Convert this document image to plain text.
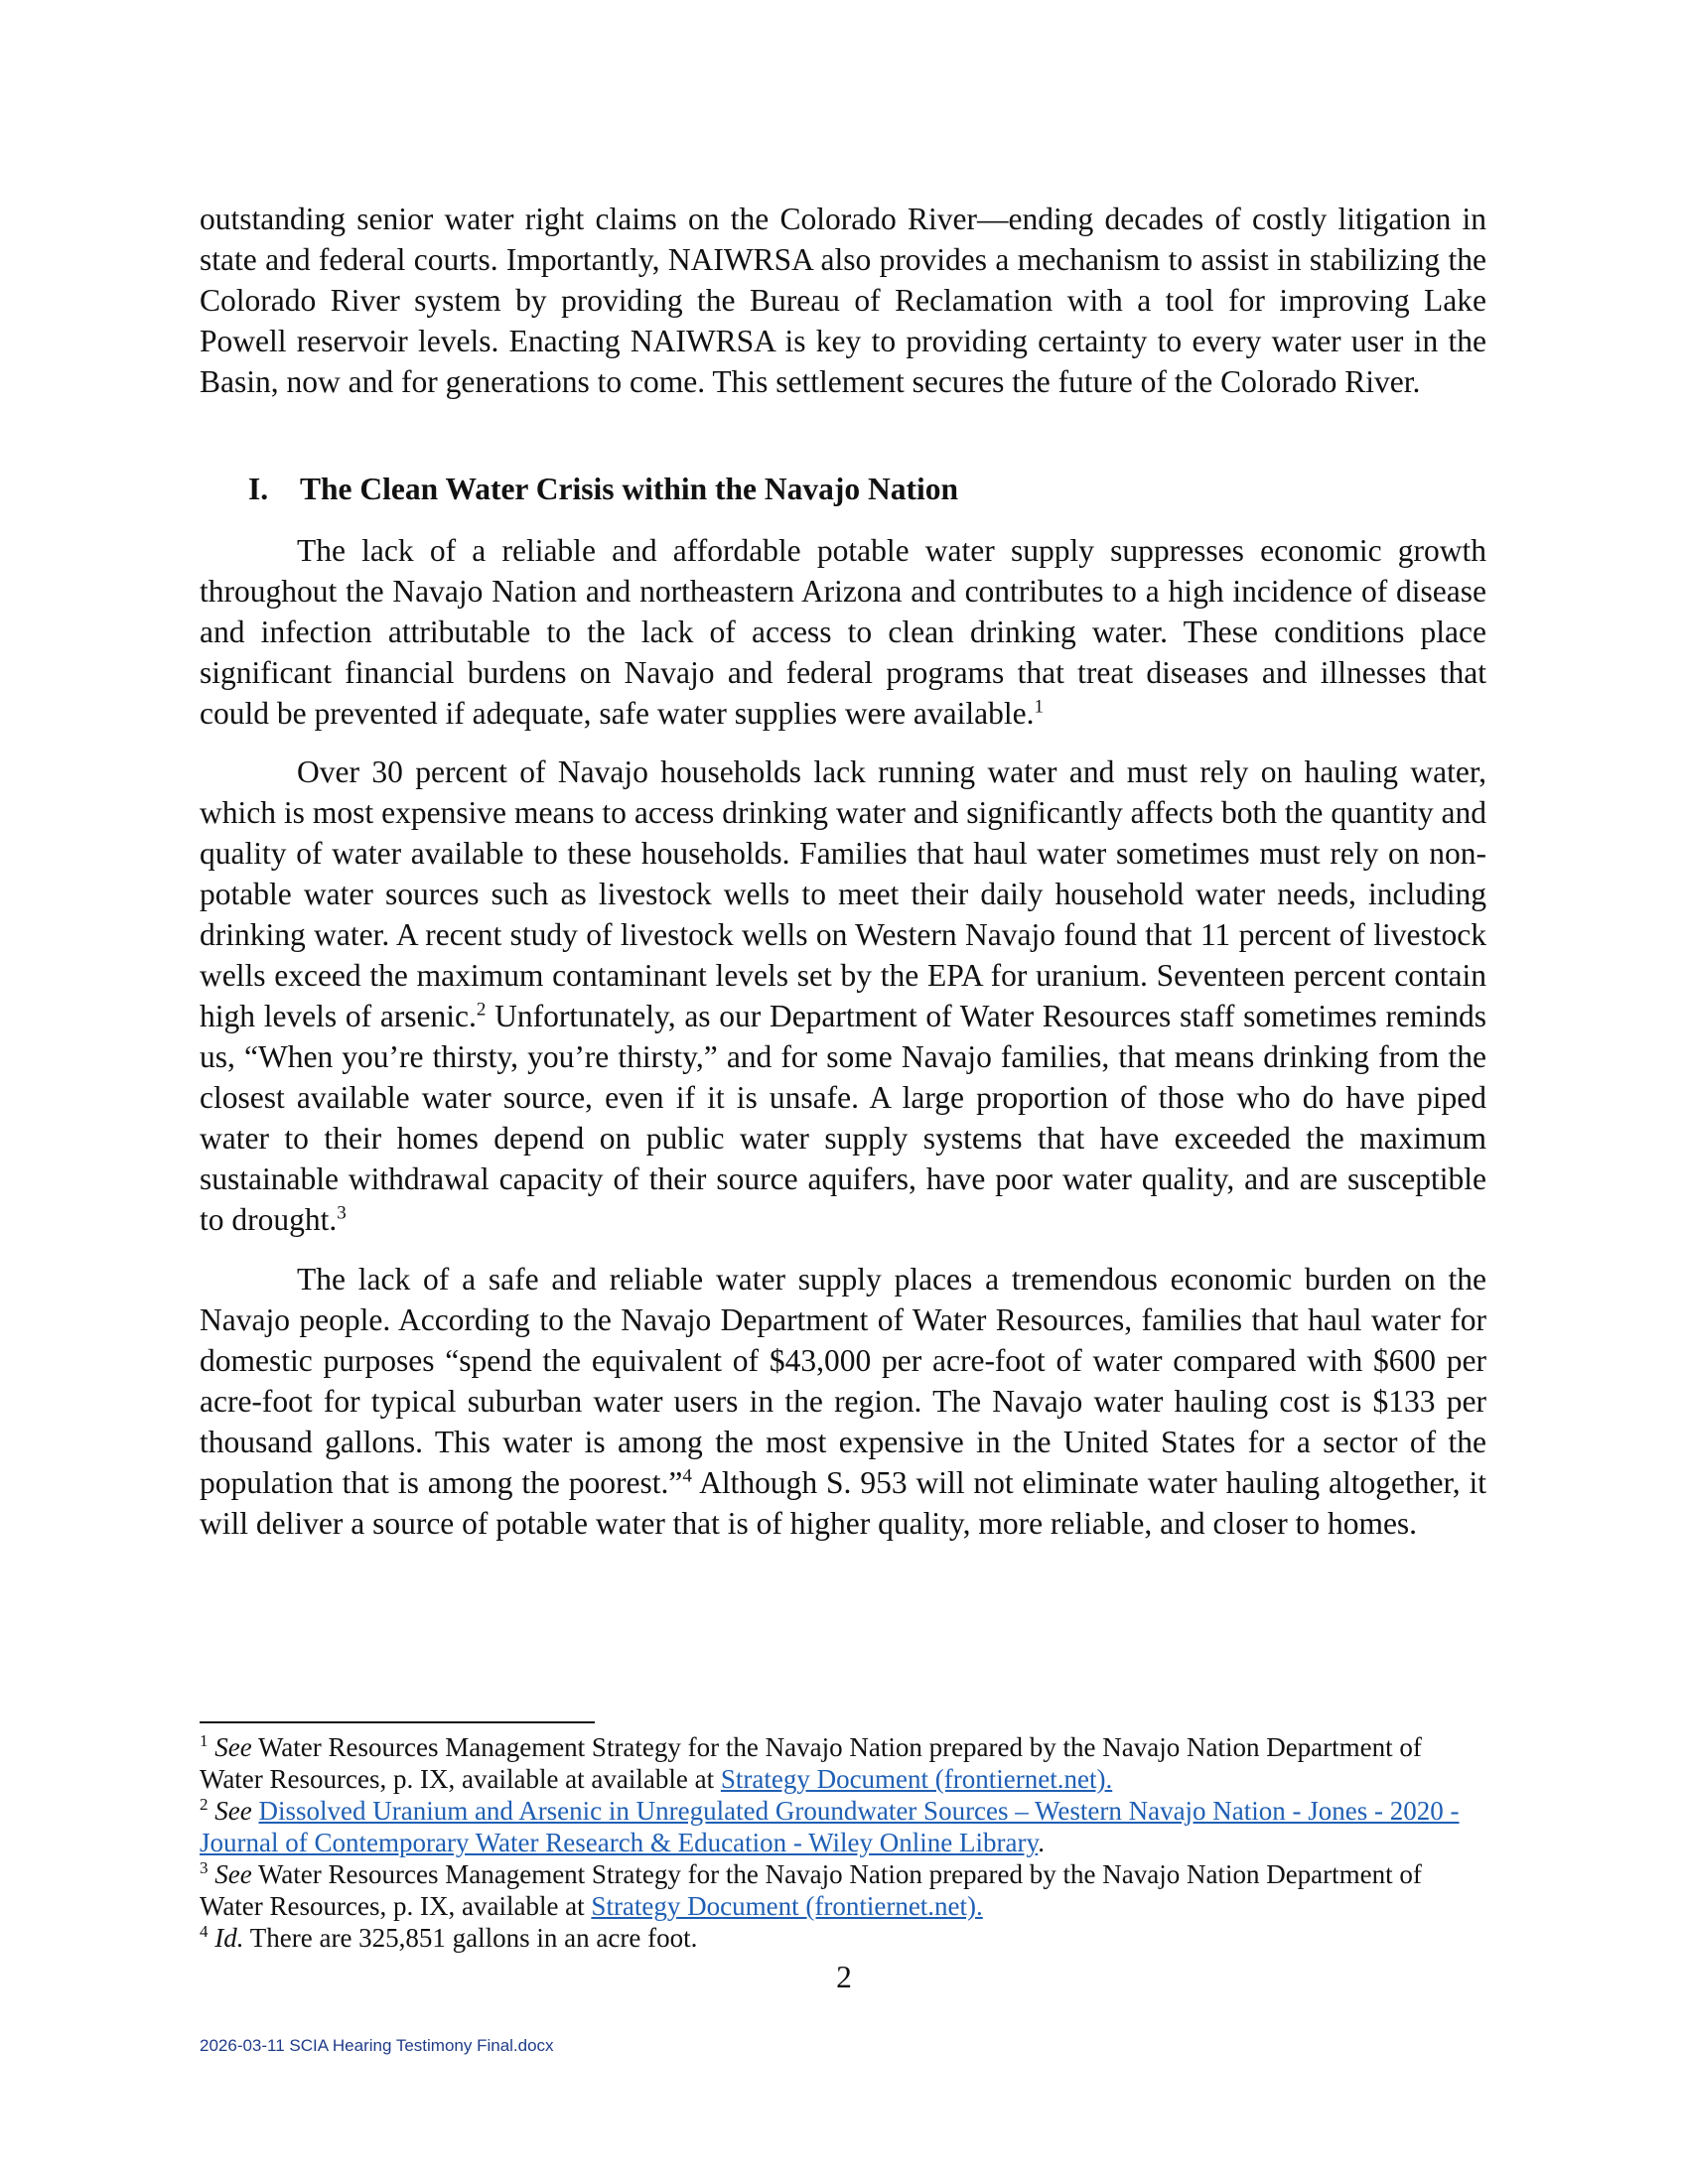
outstanding senior water right claims on the Colorado River—ending decades of costly litigation in state and federal courts. Importantly, NAIWRSA also provides a mechanism to assist in stabilizing the Colorado River system by providing the Bureau of Reclamation with a tool for improving Lake Powell reservoir levels. Enacting NAIWRSA is key to providing certainty to every water user in the Basin, now and for generations to come. This settlement secures the future of the Colorado River.

I. The Clean Water Crisis within the Navajo Nation

The lack of a reliable and affordable potable water supply suppresses economic growth throughout the Navajo Nation and northeastern Arizona and contributes to a high incidence of disease and infection attributable to the lack of access to clean drinking water. These conditions place significant financial burdens on Navajo and federal programs that treat diseases and illnesses that could be prevented if adequate, safe water supplies were available.$^1$

Over 30 percent of Navajo households lack running water and must rely on hauling water, which is most expensive means to access drinking water and significantly affects both the quantity and quality of water available to these households. Families that haul water sometimes must rely on non-potable water sources such as livestock wells to meet their daily household water needs, including drinking water. A recent study of livestock wells on Western Navajo found that 11 percent of livestock wells exceed the maximum contaminant levels set by the EPA for uranium. Seventeen percent contain high levels of arsenic.$^2$ Unfortunately, as our Department of Water Resources staff sometimes reminds us, “When you’re thirsty, you’re thirsty,” and for some Navajo families, that means drinking from the closest available water source, even if it is unsafe. A large proportion of those who do have piped water to their homes depend on public water supply systems that have exceeded the maximum sustainable withdrawal capacity of their source aquifers, have poor water quality, and are susceptible to drought.$^3$

The lack of a safe and reliable water supply places a tremendous economic burden on the Navajo people. According to the Navajo Department of Water Resources, families that haul water for domestic purposes “spend the equivalent of $43,000 per acre-foot of water compared with $600 per acre-foot for typical suburban water users in the region. The Navajo water hauling cost is $133 per thousand gallons. This water is among the most expensive in the United States for a sector of the population that is among the poorest.”$^4$ Although S. 953 will not eliminate water hauling altogether, it will deliver a source of potable water that is of higher quality, more reliable, and closer to homes.

$^1$ See Water Resources Management Strategy for the Navajo Nation prepared by the Navajo Nation Department of Water Resources, p. IX, available at available at Strategy Document (frontiernet.net).

$^2$ See Dissolved Uranium and Arsenic in Unregulated Groundwater Sources – Western Navajo Nation - Jones - 2020 - Journal of Contemporary Water Research & Education - Wiley Online Library.

$^3$ See Water Resources Management Strategy for the Navajo Nation prepared by the Navajo Nation Department of Water Resources, p. IX, available at Strategy Document (frontiernet.net).

$^4$ Id. There are 325,851 gallons in an acre foot.

2
2026-03-11 SCIA Hearing Testimony Final.docx
